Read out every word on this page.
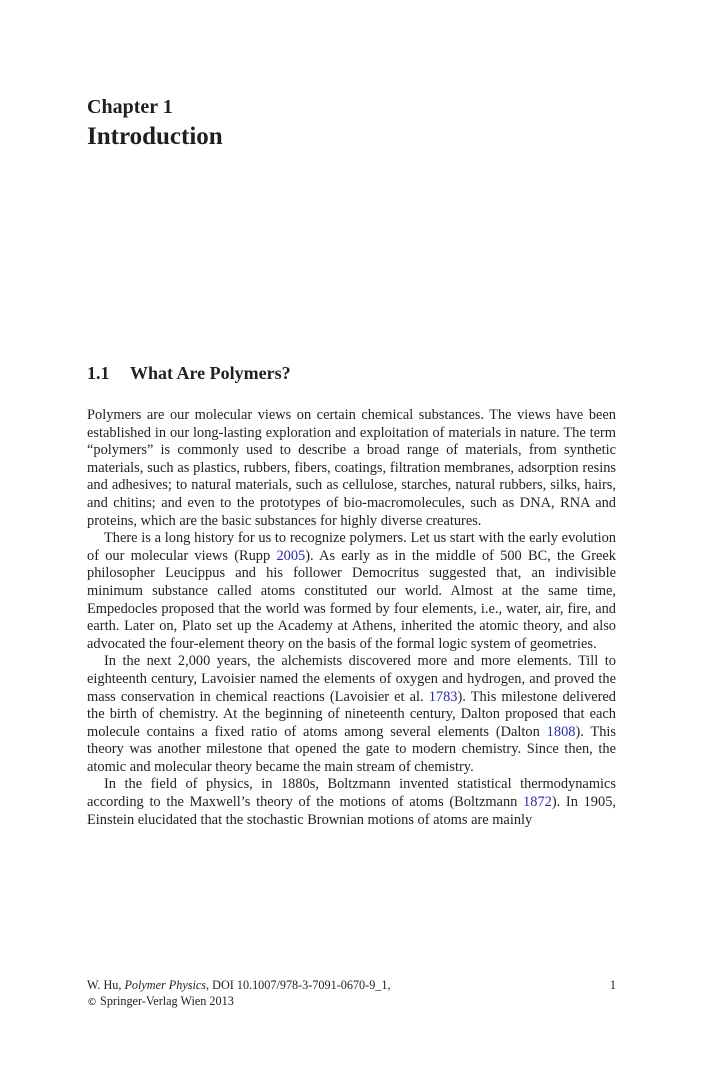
Chapter 1
Introduction
1.1 What Are Polymers?

Polymers are our molecular views on certain chemical substances. The views have been established in our long-lasting exploration and exploitation of materials in nature. The term “polymers” is commonly used to describe a broad range of materials, from synthetic materials, such as plastics, rubbers, fibers, coatings, filtration membranes, adsorption resins and adhesives; to natural materials, such as cellulose, starches, natural rubbers, silks, hairs, and chitins; and even to the prototypes of bio-macromolecules, such as DNA, RNA and proteins, which are the basic substances for highly diverse creatures.

There is a long history for us to recognize polymers. Let us start with the early evolution of our molecular views (Rupp 2005). As early as in the middle of 500 BC, the Greek philosopher Leucippus and his follower Democritus suggested that, an indivisible minimum substance called atoms constituted our world. Almost at the same time, Empedocles proposed that the world was formed by four elements, i.e., water, air, fire, and earth. Later on, Plato set up the Academy at Athens, inherited the atomic theory, and also advocated the four-element theory on the basis of the formal logic system of geometries.

In the next 2,000 years, the alchemists discovered more and more elements. Till to eighteenth century, Lavoisier named the elements of oxygen and hydrogen, and proved the mass conservation in chemical reactions (Lavoisier et al. 1783). This milestone delivered the birth of chemistry. At the beginning of nineteenth century, Dalton proposed that each molecule contains a fixed ratio of atoms among several elements (Dalton 1808). This theory was another milestone that opened the gate to modern chemistry. Since then, the atomic and molecular theory became the main stream of chemistry.

In the field of physics, in 1880s, Boltzmann invented statistical thermodynamics according to the Maxwell’s theory of the motions of atoms (Boltzmann 1872). In 1905, Einstein elucidated that the stochastic Brownian motions of atoms are mainly

W. Hu, Polymer Physics, DOI 10.1007/978-3-7091-0670-9_1,
© Springer-Verlag Wien 2013
1
